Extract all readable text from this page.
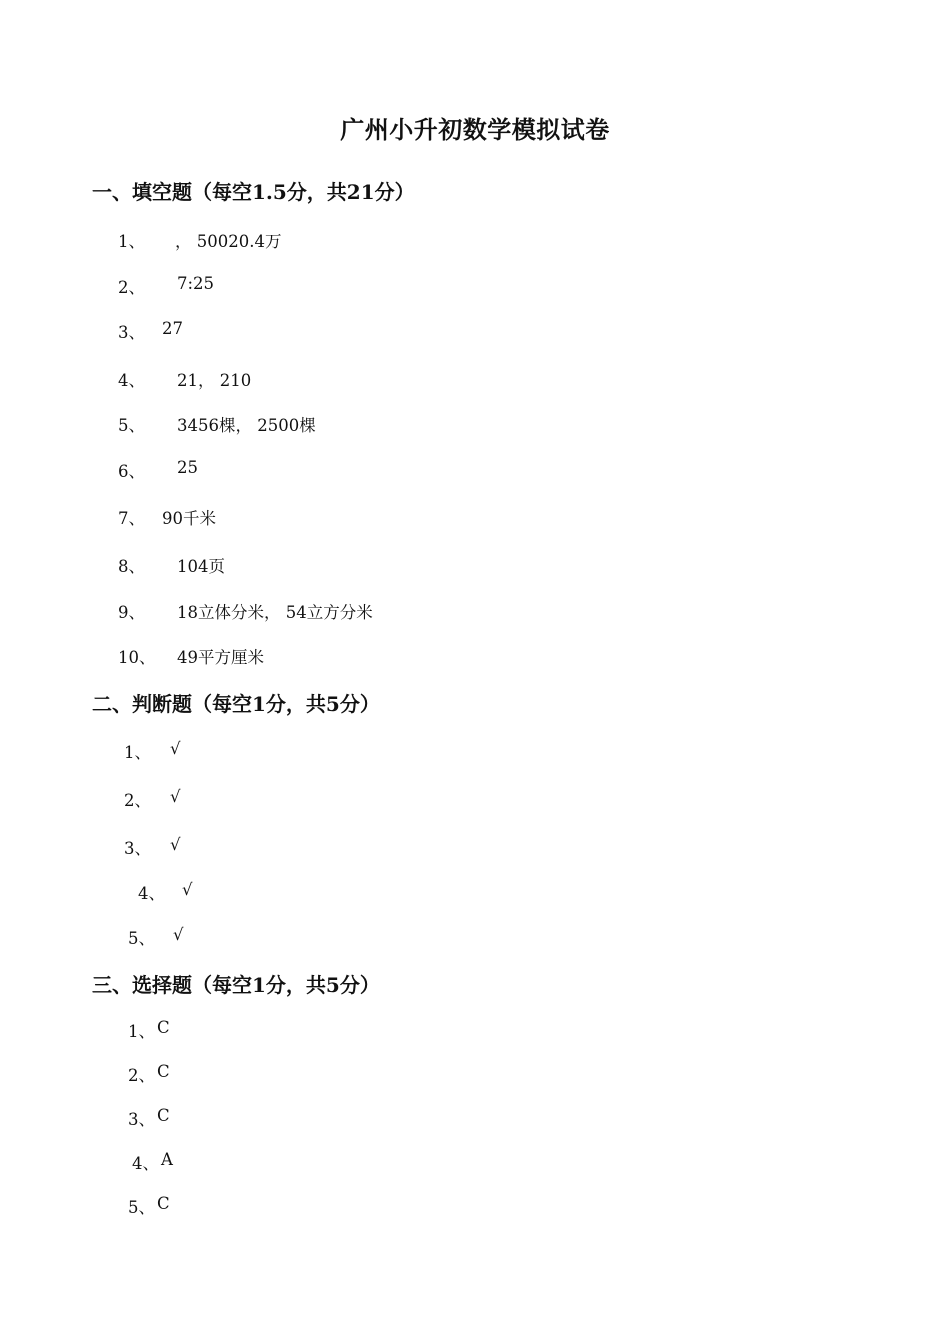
广州小升初数学模拟试卷
一、填空题（每空1.5分，共21分）
1、 ， 50020.4万
2、 7:25
3、 27
4、 21， 210
5、 3456棵， 2500棵
6、 25
7、 90千米
8、 104页
9、 18立体分米， 54立方分米
10、 49平方厘米
二、判断题（每空1分，共5分）
1、 √
2、 √
3、 √
4、 √
5、 √
三、选择题（每空1分，共5分）
1、 C
2、 C
3、 C
4、 A
5、 C
